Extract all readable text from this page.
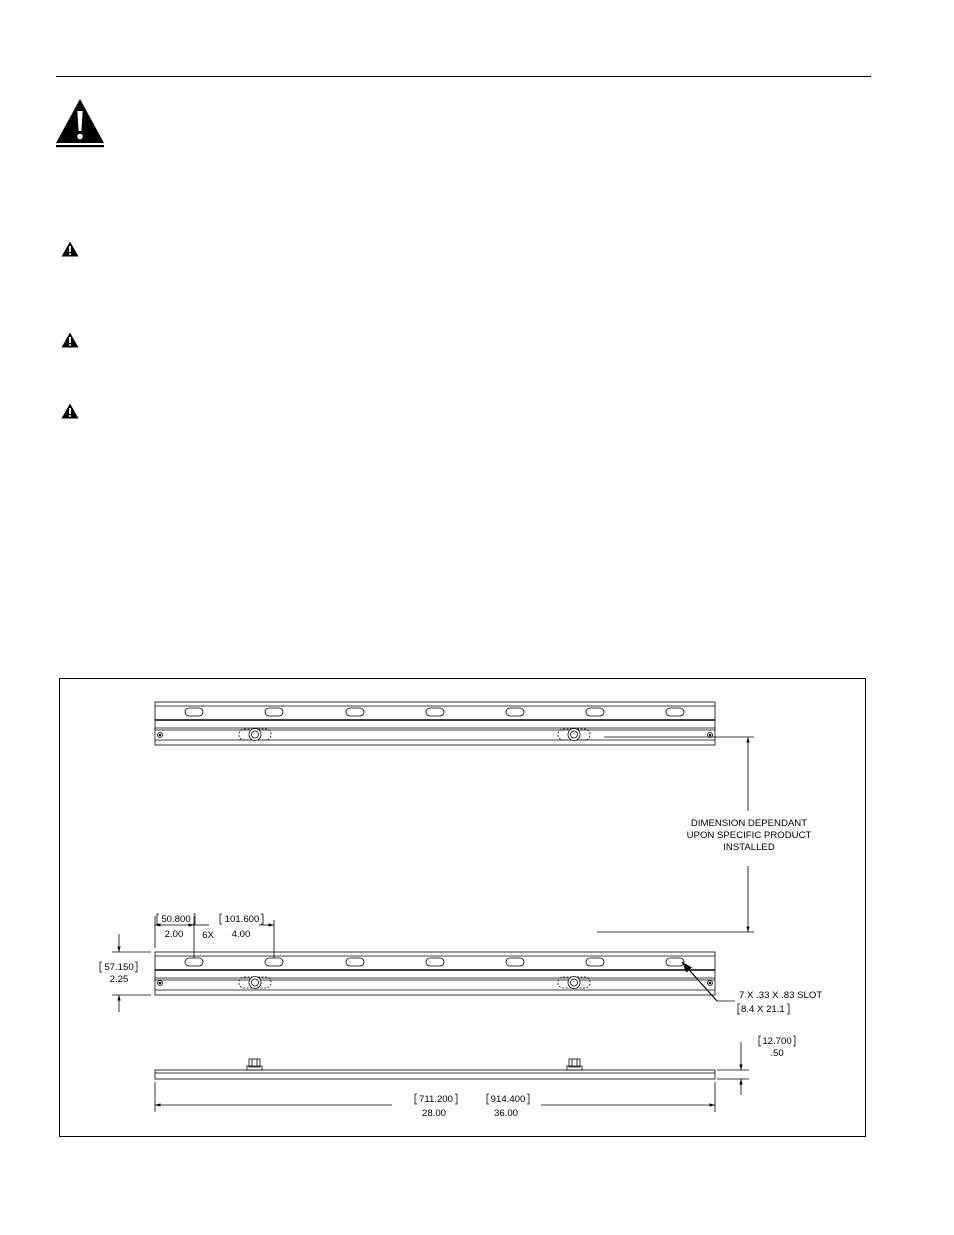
DIMENSION DEPENDANT
UPON SPECIFIC PRODUCT
INSTALLED
50.800
2.00 6X
101.600
4.00
57.150
2.25
7 X .33 X .83 SLOT
8.4 X 21.1
12.700
.50
711.200
28.00
914.400
36.00
